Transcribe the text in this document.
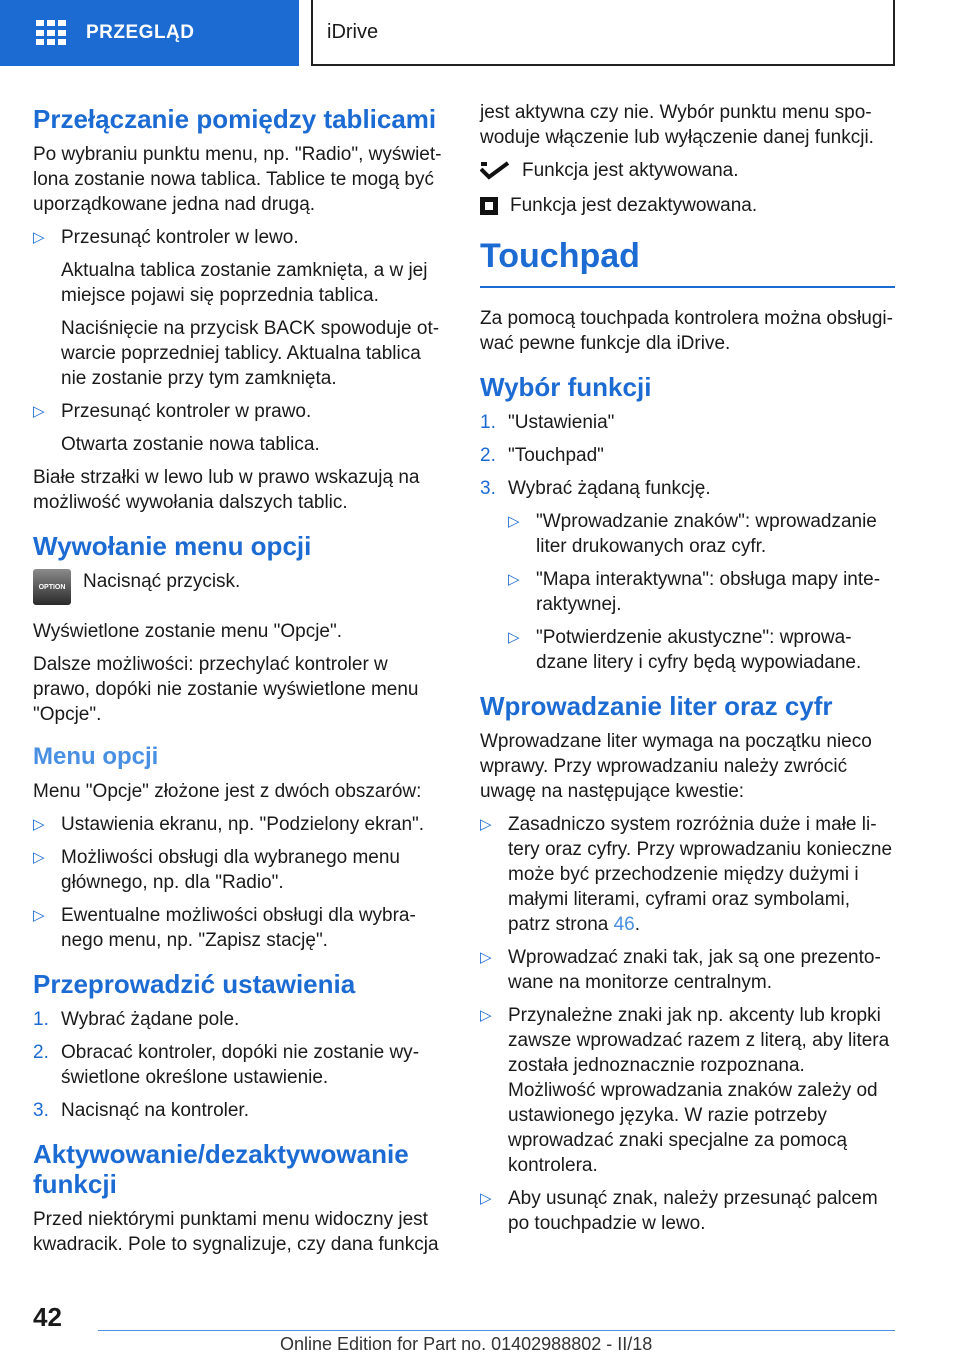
PRZEGLĄD	iDrive
Przełączanie pomiędzy tablicami

Po wybraniu punktu menu, np. "Radio", wyświetlona zostanie nowa tablica. Tablice te mogą być uporządkowane jedna nad drugą.

▷ Przesunąć kontroler w lewo.
Aktualna tablica zostanie zamknięta, a w jej miejsce pojawi się poprzednia tablica.
Naciśnięcie na przycisk BACK spowoduje otwarcie poprzedniej tablicy. Aktualna tablica nie zostanie przy tym zamknięta.
▷ Przesunąć kontroler w prawo.
Otwarta zostanie nowa tablica.

Białe strzałki w lewo lub w prawo wskazują na możliwość wywołania dalszych tablic.

Wywołanie menu opcji
OPTION Nacisnąć przycisk.

Wyświetlone zostanie menu "Opcje".

Dalsze możliwości: przechylać kontroler w prawo, dopóki nie zostanie wyświetlone menu "Opcje".

Menu opcji

Menu "Opcje" złożone jest z dwóch obszarów:

▷ Ustawienia ekranu, np. "Podzielony ekran".
▷ Możliwości obsługi dla wybranego menu głównego, np. dla "Radio".
▷ Ewentualne możliwości obsługi dla wybranego menu, np. "Zapisz stację".
Przeprowadzić ustawienia
1. Wybrać żądane pole.
2. Obracać kontroler, dopóki nie zostanie wyświetlone określone ustawienie.
3. Nacisnąć na kontroler.
Aktywowanie/dezaktywowanie funkcji

Przed niektórymi punktami menu widoczny jest kwadracik. Pole to sygnalizuje, czy dana funkcja

jest aktywna czy nie. Wybór punktu menu spowoduje włączenie lub wyłączenie danej funkcji.

Funkcja jest aktywowana.
Funkcja jest dezaktywowana.
Touchpad

Za pomocą touchpada kontrolera można obsługiwać pewne funkcje dla iDrive.

Wybór funkcji
1. "Ustawienia"
2. "Touchpad"
3. Wybrać żądaną funkcję.
▷ "Wprowadzanie znaków": wprowadzanie liter drukowanych oraz cyfr.
▷ "Mapa interaktywna": obsługa mapy interaktywnej.
▷ "Potwierdzenie akustyczne": wprowadzane litery i cyfry będą wypowiadane.
Wprowadzanie liter oraz cyfr

Wprowadzane liter wymaga na początku nieco wprawy. Przy wprowadzaniu należy zwrócić uwagę na następujące kwestie:

▷ Zasadniczo system rozróżnia duże i małe litery oraz cyfry. Przy wprowadzaniu konieczne może być przechodzenie między dużymi i małymi literami, cyframi oraz symbolami, patrz strona 46.
▷ Wprowadzać znaki tak, jak są one prezentowane na monitorze centralnym.
▷ Przynależne znaki jak np. akcenty lub kropki zawsze wprowadzać razem z literą, aby litera została jednoznacznie rozpoznana. Możliwość wprowadzania znaków zależy od ustawionego języka. W razie potrzeby wprowadzać znaki specjalne za pomocą kontrolera.
▷ Aby usunąć znak, należy przesunąć palcem po touchpadzie w lewo.
42
Online Edition for Part no. 01402988802 - II/18
